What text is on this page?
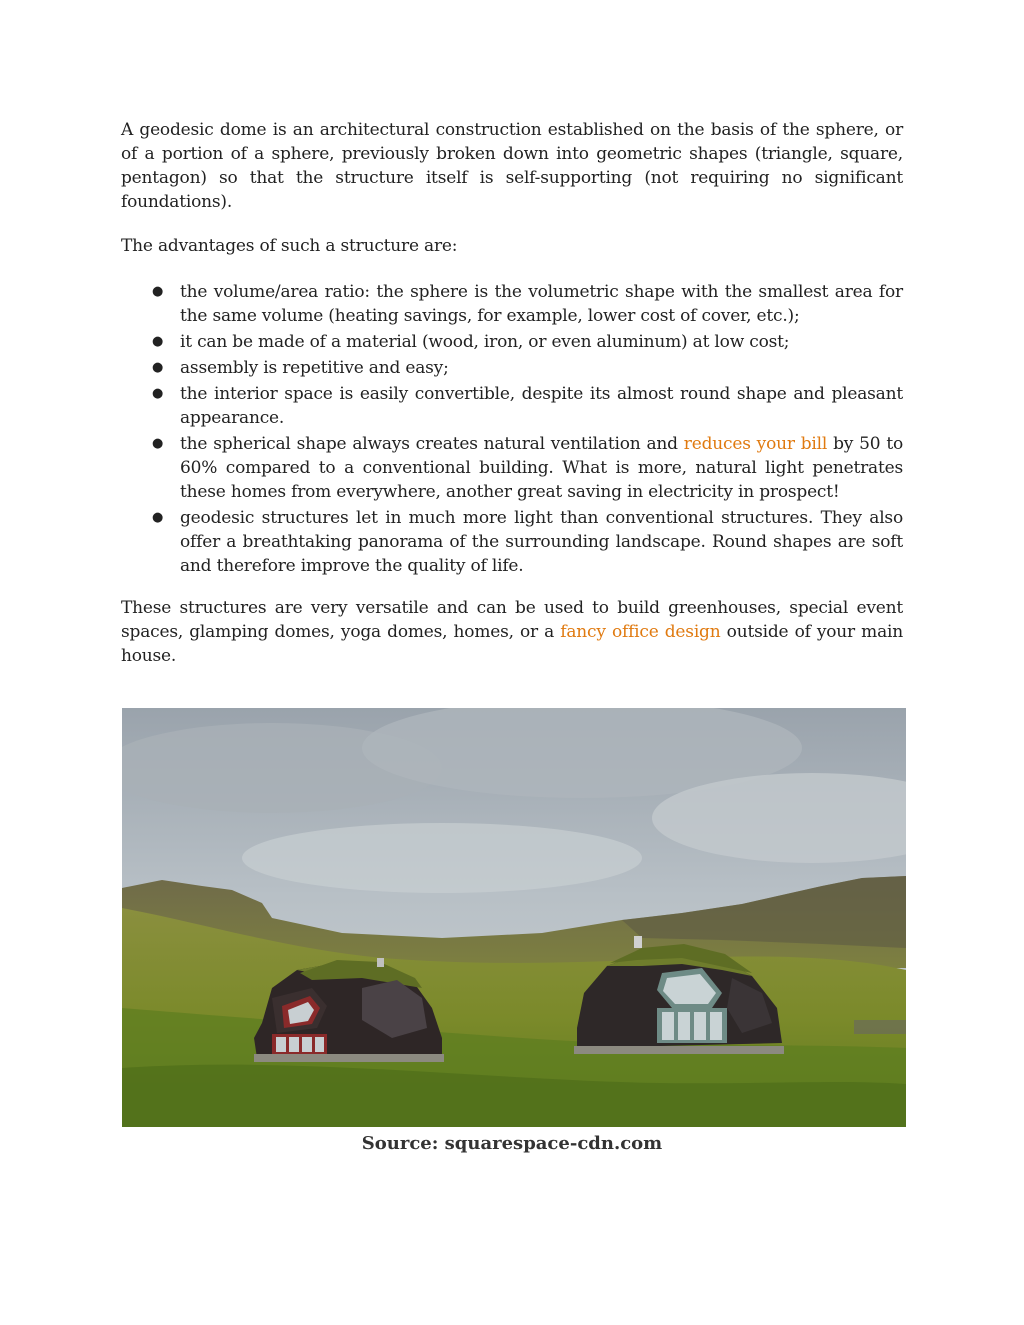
A geodesic dome is an architectural construction established on the basis of the sphere, or of a portion of a sphere, previously broken down into geometric shapes (triangle, square, pentagon) so that the structure itself is self-supporting (not requiring no significant foundations).

The advantages of such a structure are:

● the volume/area ratio: the sphere is the volumetric shape with the smallest area for the same volume (heating savings, for example, lower cost of cover, etc.);
● it can be made of a material (wood, iron, or even aluminum) at low cost;
● assembly is repetitive and easy;
● the interior space is easily convertible, despite its almost round shape and pleasant appearance.
● the spherical shape always creates natural ventilation and reduces your bill by 50 to 60% compared to a conventional building. What is more, natural light penetrates these homes from everywhere, another great saving in electricity in prospect!
● geodesic structures let in much more light than conventional structures. They also offer a breathtaking panorama of the surrounding landscape. Round shapes are soft and therefore improve the quality of life.

These structures are very versatile and can be used to build greenhouses, special event spaces, glamping domes, yoga domes, homes, or a fancy office design outside of your main house.

Source: squarespace-cdn.com
